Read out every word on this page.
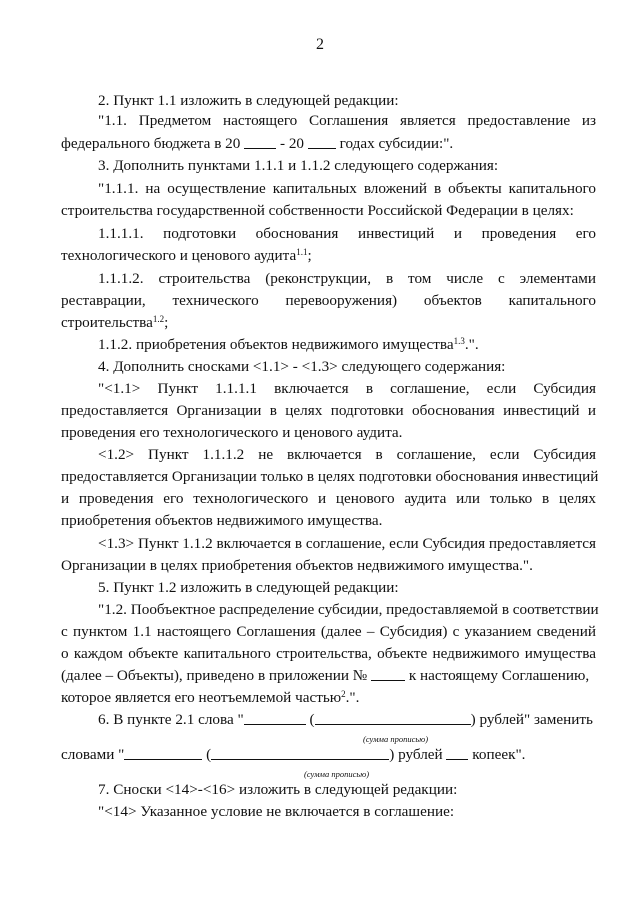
2
2. Пункт 1.1 изложить в следующей редакции:
"1.1. Предметом настоящего Соглашения является предоставление из
федерального бюджета в 20	- 20 годах субсидии:".
3. Дополнить пунктами 1.1.1 и 1.1.2 следующего содержания:
"1.1.1. на осуществление капитальных вложений в объекты капитального
строительства государственной собственности Российской Федерации в целях:
1.1.1.1. подготовки обоснования инвестиций и проведения его
технологического и ценового аудита$^{1.1}$;
1.1.1.2. строительства (реконструкции, в том числе с элементами
реставрации, технического перевооружения) объектов капитального
строительства$^{1.2}$;
1.1.2. приобретения объектов недвижимого имущества$^{1.3}$.".
4. Дополнить сносками <1.1> - <1.3> следующего содержания:
"<1.1> Пункт 1.1.1.1 включается в соглашение, если Субсидия
предоставляется Организации в целях подготовки обоснования инвестиций и
проведения его технологического и ценового аудита.
<1.2> Пункт 1.1.1.2 не включается в соглашение, если Субсидия
предоставляется Организации только в целях подготовки обоснования инвестиций
и проведения его технологического и ценового аудита или только в целях
приобретения объектов недвижимого имущества.
<1.3> Пункт 1.1.2 включается в соглашение, если Субсидия предоставляется
Организации в целях приобретения объектов недвижимого имущества.".
5. Пункт 1.2 изложить в следующей редакции:
"1.2. Пообъектное распределение субсидии, предоставляемой в соответствии
с пунктом 1.1 настоящего Соглашения (далее – Субсидия) с указанием сведений
о каждом объекте капитального строительства, объекте недвижимого имущества
(далее – Объекты), приведено в приложении №	к настоящему Соглашению,
которое является его неотъемлемой частью$^2$.".
6. В пункте 2.1 слова "	(	) рублей" заменить
(сумма прописью)
словами "	(	) рублей копеек".
(сумма прописью)
7. Сноски <14>-<16> изложить в следующей редакции:
"<14> Указанное условие не включается в соглашение:
